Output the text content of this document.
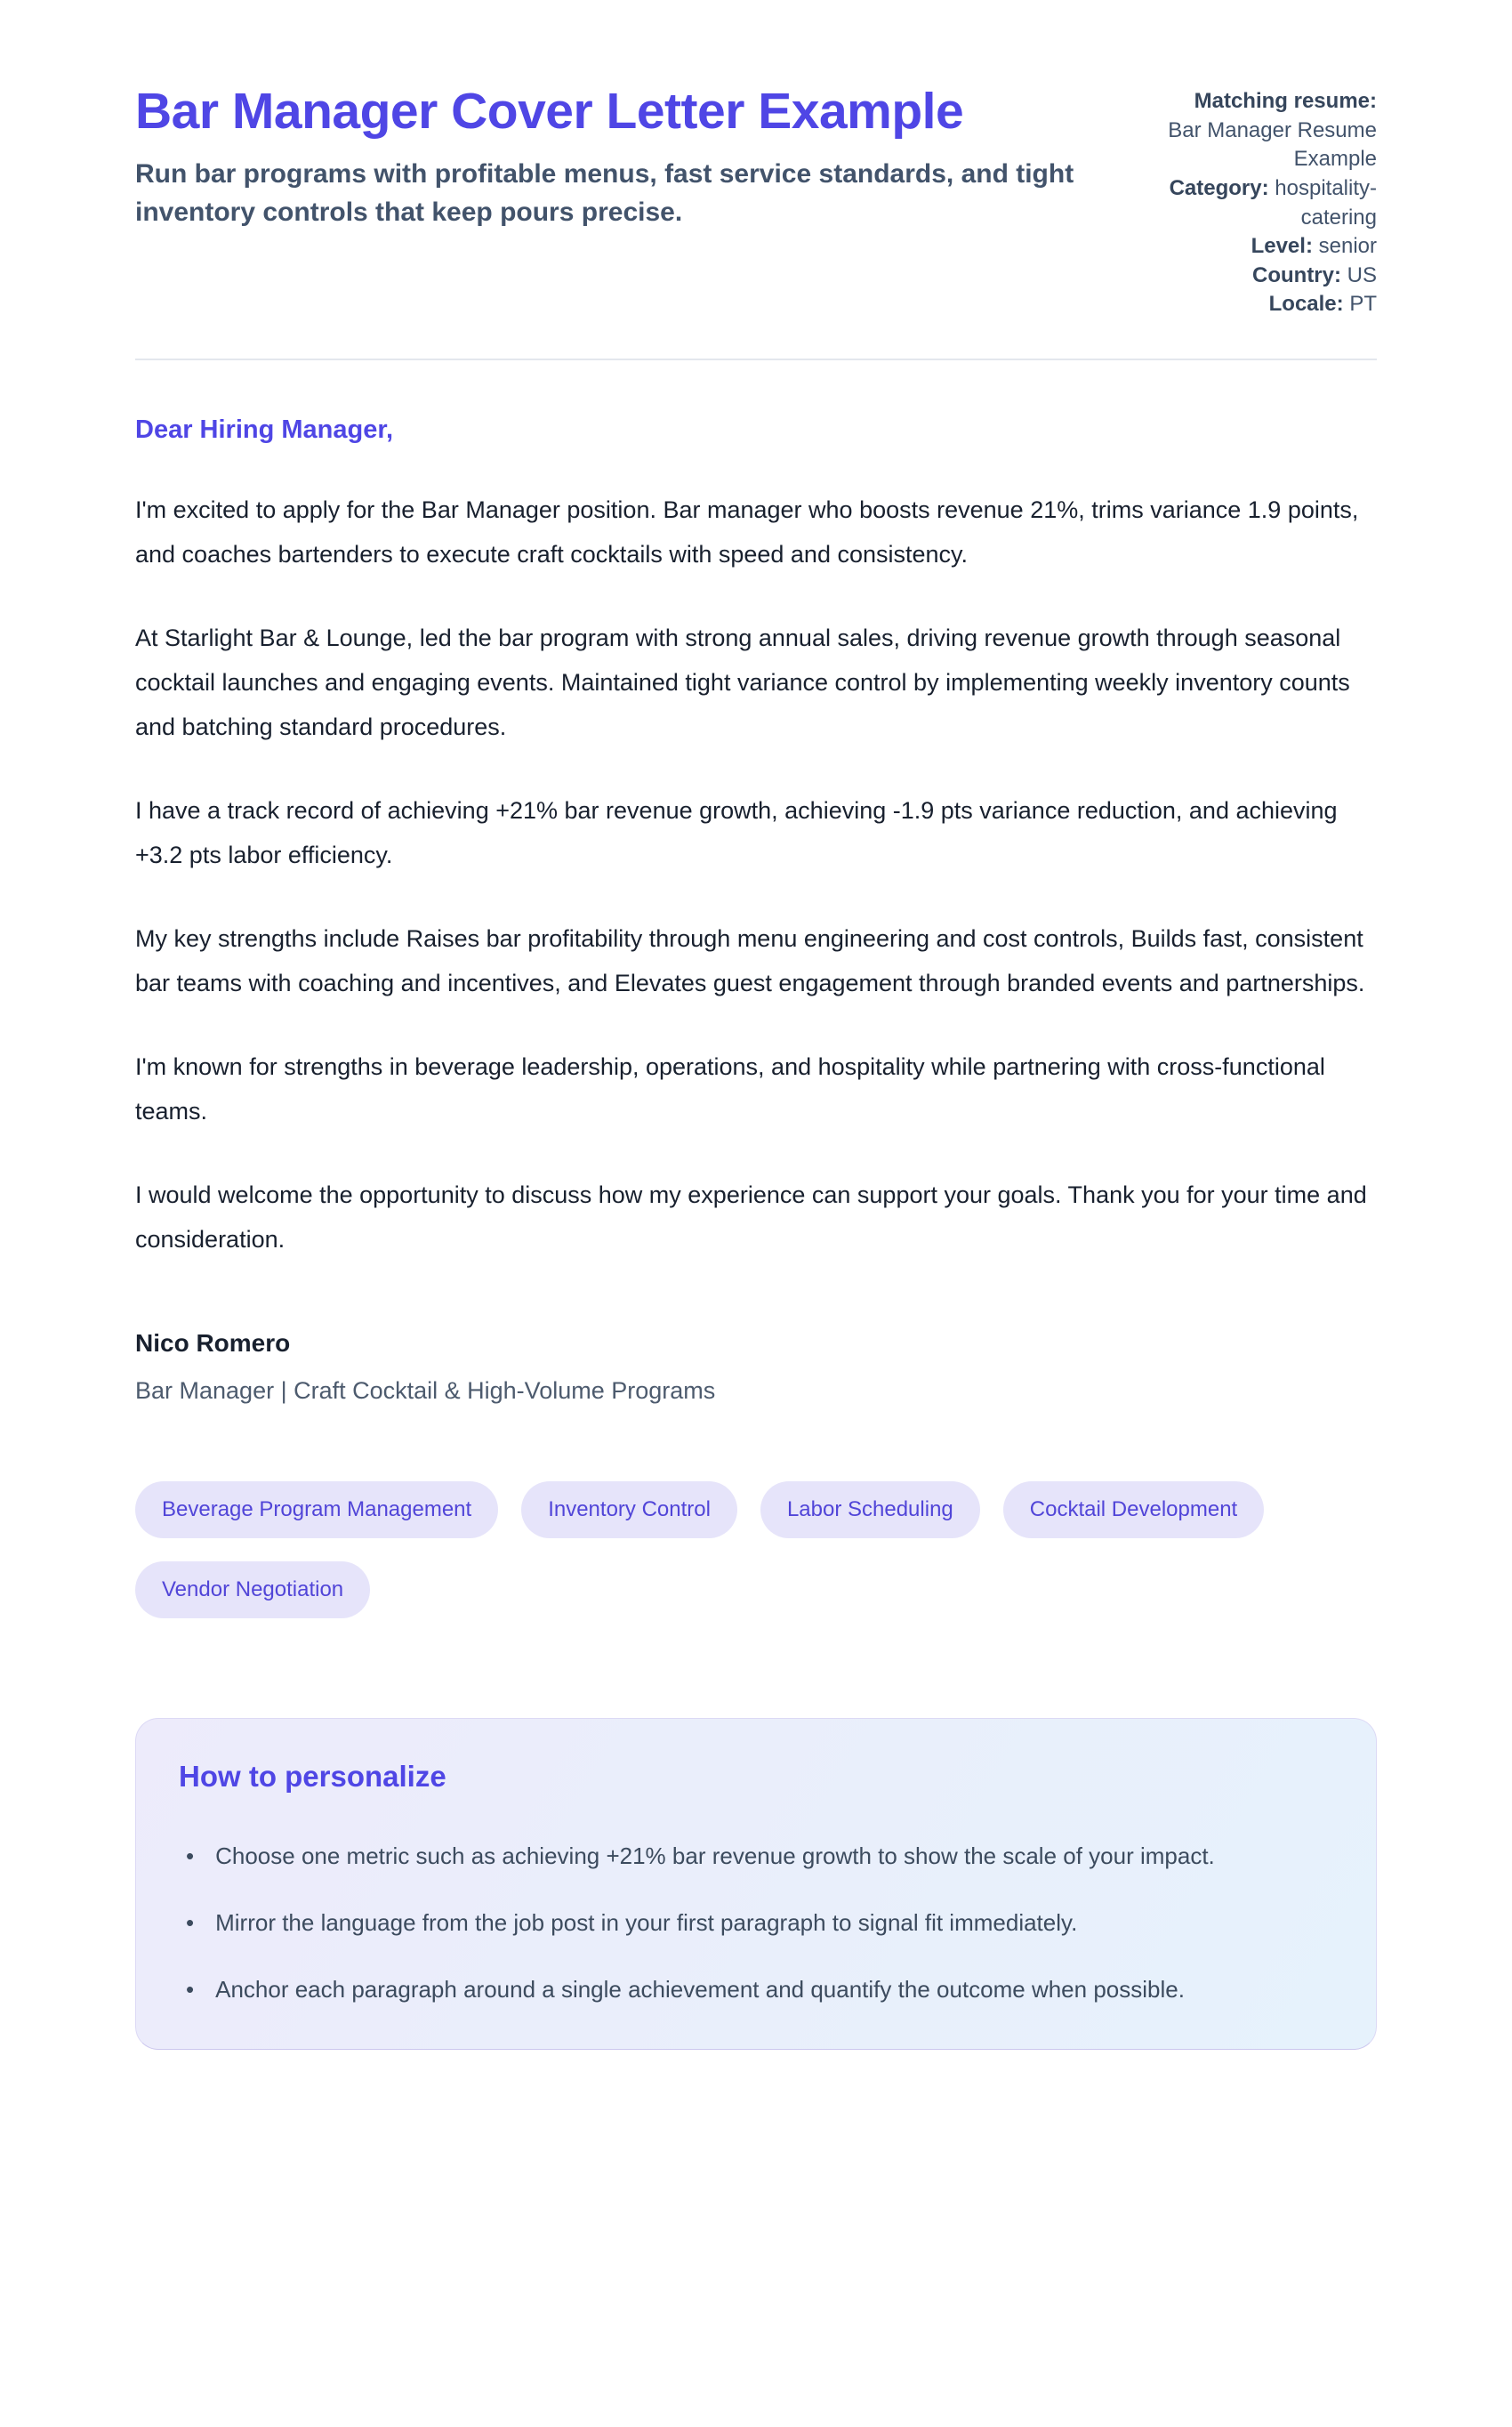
Bar Manager Cover Letter Example

Run bar programs with profitable menus, fast service standards, and tight inventory controls that keep pours precise.

Matching resume:
Bar Manager Resume Example
Category: hospitality-catering
Level: senior
Country: US
Locale: PT

Dear Hiring Manager,

I'm excited to apply for the Bar Manager position. Bar manager who boosts revenue 21%, trims variance 1.9 points, and coaches bartenders to execute craft cocktails with speed and consistency.

At Starlight Bar & Lounge, led the bar program with strong annual sales, driving revenue growth through seasonal cocktail launches and engaging events. Maintained tight variance control by implementing weekly inventory counts and batching standard procedures.

I have a track record of achieving +21% bar revenue growth, achieving -1.9 pts variance reduction, and achieving +3.2 pts labor efficiency.

My key strengths include Raises bar profitability through menu engineering and cost controls, Builds fast, consistent bar teams with coaching and incentives, and Elevates guest engagement through branded events and partnerships.

I'm known for strengths in beverage leadership, operations, and hospitality while partnering with cross-functional teams.

I would welcome the opportunity to discuss how my experience can support your goals. Thank you for your time and consideration.

Nico Romero

Bar Manager | Craft Cocktail & High-Volume Programs

Beverage Program Management	Inventory Control	Labor Scheduling	Cocktail Development
Vendor Negotiation
How to personalize
• Choose one metric such as achieving +21% bar revenue growth to show the scale of your impact.
• Mirror the language from the job post in your first paragraph to signal fit immediately.
• Anchor each paragraph around a single achievement and quantify the outcome when possible.
